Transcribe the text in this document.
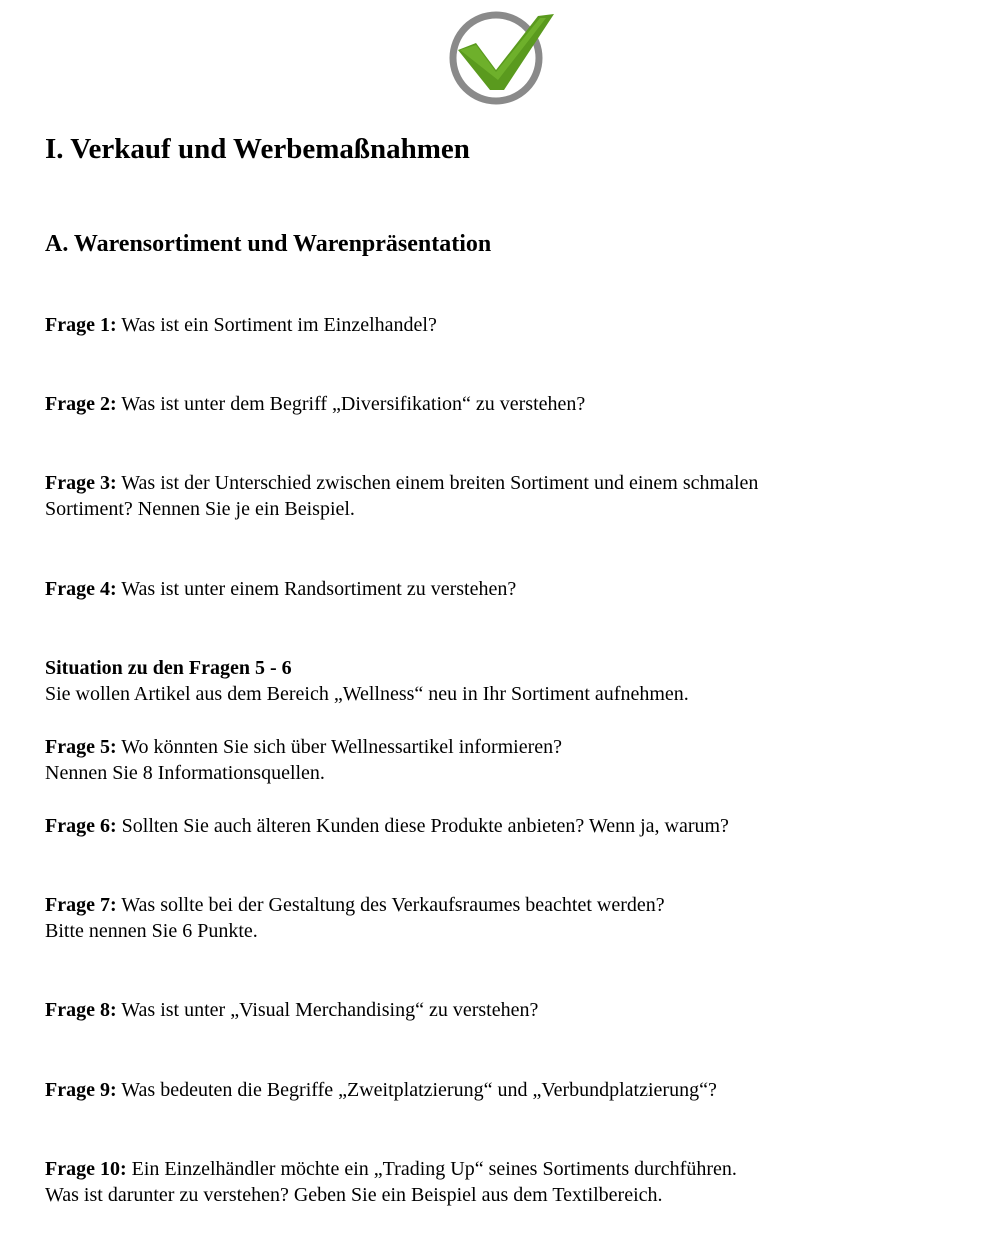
I. Verkauf und Werbemaßnahmen
A. Warensortiment und Warenpräsentation
Frage 1: Was ist ein Sortiment im Einzelhandel?
Frage 2: Was ist unter dem Begriff „Diversifikation“ zu verstehen?
Frage 3: Was ist der Unterschied zwischen einem breiten Sortiment und einem schmalen
Sortiment? Nennen Sie je ein Beispiel.
Frage 4: Was ist unter einem Randsortiment zu verstehen?
Situation zu den Fragen 5 - 6
Sie wollen Artikel aus dem Bereich „Wellness“ neu in Ihr Sortiment aufnehmen.
Frage 5: Wo könnten Sie sich über Wellnessartikel informieren?
Nennen Sie 8 Informationsquellen.
Frage 6: Sollten Sie auch älteren Kunden diese Produkte anbieten? Wenn ja, warum?
Frage 7: Was sollte bei der Gestaltung des Verkaufsraumes beachtet werden?
Bitte nennen Sie 6 Punkte.
Frage 8: Was ist unter „Visual Merchandising“ zu verstehen?
Frage 9: Was bedeuten die Begriffe „Zweitplatzierung“ und „Verbundplatzierung“?
Frage 10: Ein Einzelhändler möchte ein „Trading Up“ seines Sortiments durchführen.
Was ist darunter zu verstehen? Geben Sie ein Beispiel aus dem Textilbereich.
